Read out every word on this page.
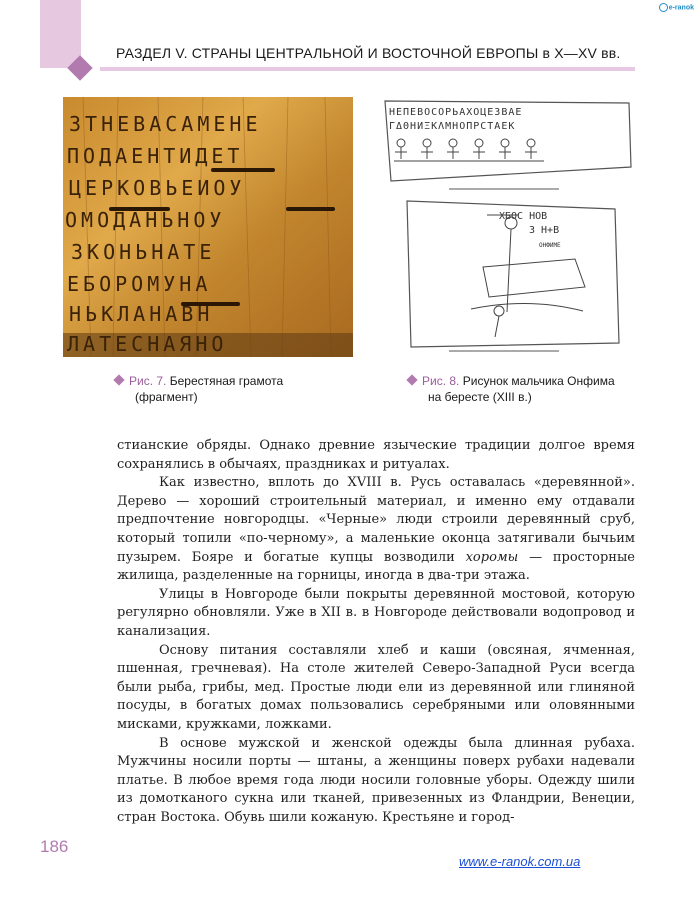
РАЗДЕЛ V. СТРАНЫ ЦЕНТРАЛЬНОЙ И ВОСТОЧНОЙ ЕВРОПЫ в X—XV вв.
e-ranok
ЗТНЕВАСАМЕНЕ
ПОДАЕНТИДЕТ
ЦЕРКОВЬЕИОУ
ОМОДАНЬНОУ
ЗКОНЬНАТЕ
ЕБОРОМУНА
НЬКЛАНАВН
ЛАТЕСНАЯНО
НЕПЕВОСОРЬАХОЦЕЗВАЕ
ΓΔΘНИΞΚΛΜНОПРСТΑΕΚ
ХБОС НОВ
3 Н+В
ОНФИМЕ
Рис. 7. Берестяная грамота
(фрагмент)
Рис. 8. Рисунок мальчика Онфима
на бересте (XIII в.)

стианские обряды. Однако древние языческие традиции долгое время сохранялись в обычаях, праздниках и ритуалах.

Как известно, вплоть до XVIII в. Русь оставалась «деревянной». Дерево — хороший строительный материал, и именно ему отдавали предпочтение новгородцы. «Черные» люди строили деревянный сруб, который топили «по-черному», а маленькие оконца затягивали бычьим пузырем. Бояре и богатые купцы возводили хоромы — просторные жилища, разделенные на горницы, иногда в два-три этажа.

Улицы в Новгороде были покрыты деревянной мостовой, которую регулярно обновляли. Уже в XII в. в Новгороде действовали водопровод и канализация.

Основу питания составляли хлеб и каши (овсяная, ячменная, пшенная, гречневая). На столе жителей Северо-Западной Руси всегда были рыба, грибы, мед. Простые люди ели из деревянной или глиняной посуды, в богатых домах пользовались серебряными или оловянными мисками, кружками, ложками.

В основе мужской и женской одежды была длинная рубаха. Мужчины носили порты — штаны, а женщины поверх рубахи надевали платье. В любое время года люди носили головные уборы. Одежду шили из домотканого сукна или тканей, привезенных из Фландрии, Венеции, стран Востока. Обувь шили кожаную. Крестьяне и город-

186
www.e-ranok.com.ua
